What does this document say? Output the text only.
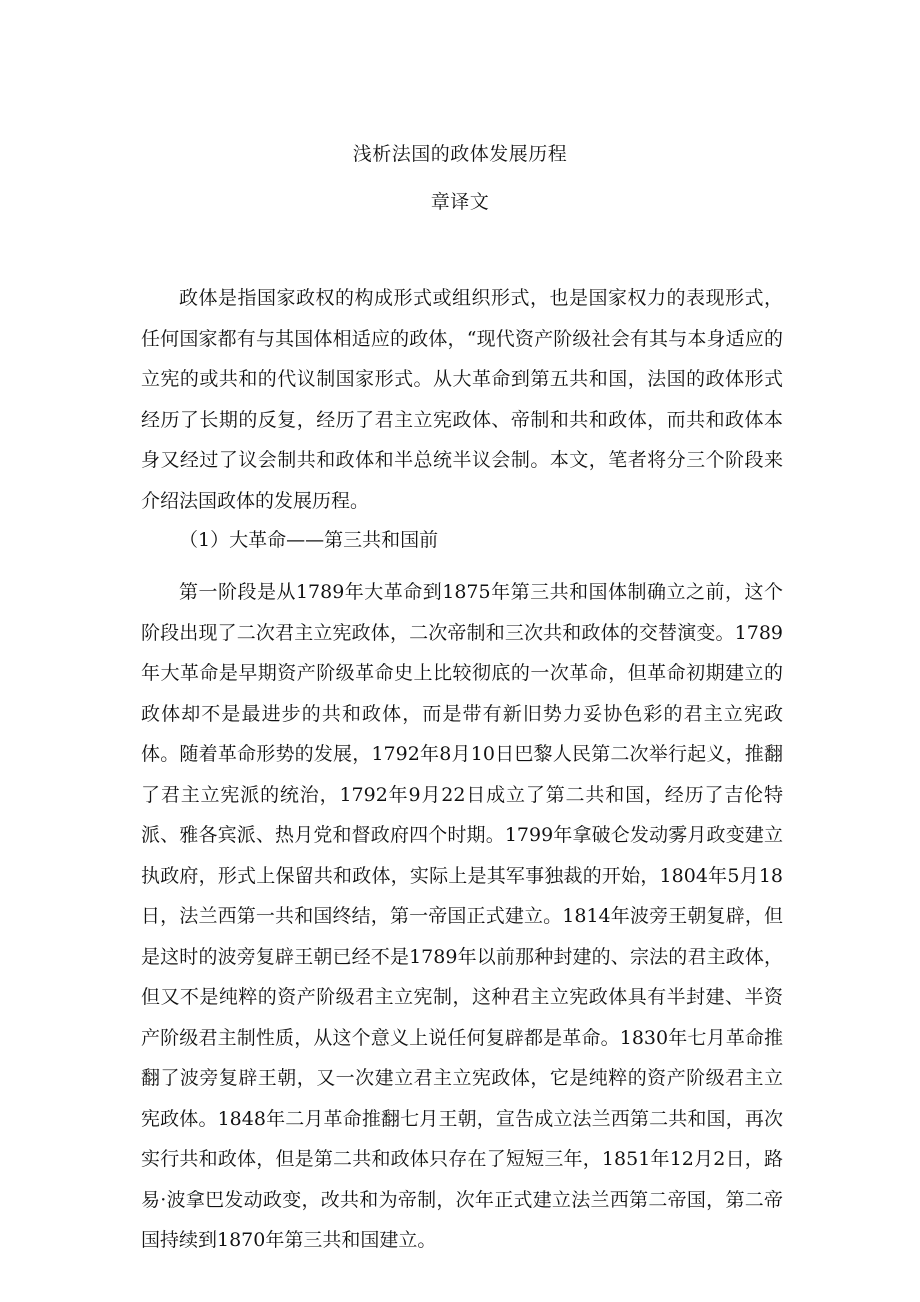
浅析法国的政体发展历程
章译文

政体是指国家政权的构成形式或组织形式，也是国家权力的表现形式，任何国家都有与其国体相适应的政体，“现代资产阶级社会有其与本身适应的立宪的或共和的代议制国家形式。从大革命到第五共和国，法国的政体形式经历了长期的反复，经历了君主立宪政体、帝制和共和政体，而共和政体本身又经过了议会制共和政体和半总统半议会制。本文，笔者将分三个阶段来介绍法国政体的发展历程。

（1）大革命——第三共和国前

第一阶段是从1789年大革命到1875年第三共和国体制确立之前，这个阶段出现了二次君主立宪政体，二次帝制和三次共和政体的交替演变。1789年大革命是早期资产阶级革命史上比较彻底的一次革命，但革命初期建立的政体却不是最进步的共和政体，而是带有新旧势力妥协色彩的君主立宪政体。随着革命形势的发展，1792年8月10日巴黎人民第二次举行起义，推翻了君主立宪派的统治，1792年9月22日成立了第二共和国，经历了吉伦特派、雅各宾派、热月党和督政府四个时期。1799年拿破仑发动雾月政变建立执政府，形式上保留共和政体，实际上是其军事独裁的开始，1804年5月18日，法兰西第一共和国终结，第一帝国正式建立。1814年波旁王朝复辟，但是这时的波旁复辟王朝已经不是1789年以前那种封建的、宗法的君主政体，但又不是纯粹的资产阶级君主立宪制，这种君主立宪政体具有半封建、半资产阶级君主制性质，从这个意义上说任何复辟都是革命。1830年七月革命推翻了波旁复辟王朝，又一次建立君主立宪政体，它是纯粹的资产阶级君主立宪政体。1848年二月革命推翻七月王朝，宣告成立法兰西第二共和国，再次实行共和政体，但是第二共和政体只存在了短短三年，1851年12月2日，路易·波拿巴发动政变，改共和为帝制，次年正式建立法兰西第二帝国，第二帝国持续到1870年第三共和国建立。
